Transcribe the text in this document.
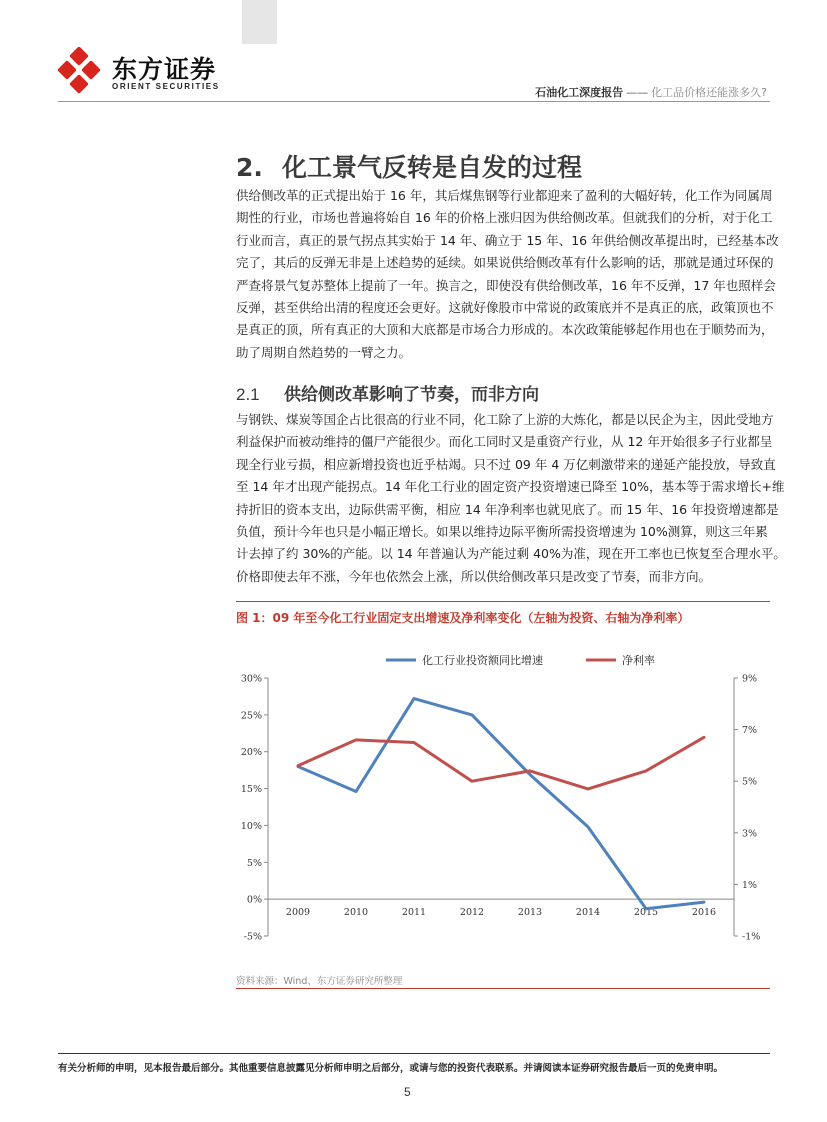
东方证券
ORIENT SECURITIES	石油化工深度报告 —— 化工品价格还能涨多久?
2. 化工景气反转是自发的过程
供给侧改革的正式提出始于 16 年，其后煤焦钢等行业都迎来了盈利的大幅好转，化工作为同属周
期性的行业，市场也普遍将始自 16 年的价格上涨归因为供给侧改革。但就我们的分析，对于化工
行业而言，真正的景气拐点其实始于 14 年、确立于 15 年、16 年供给侧改革提出时，已经基本改
完了，其后的反弹无非是上述趋势的延续。如果说供给侧改革有什么影响的话，那就是通过环保的
严查将景气复苏整体上提前了一年。换言之，即使没有供给侧改革，16 年不反弹，17 年也照样会
反弹，甚至供给出清的程度还会更好。这就好像股市中常说的政策底并不是真正的底，政策顶也不
是真正的顶，所有真正的大顶和大底都是市场合力形成的。本次政策能够起作用也在于顺势而为，
助了周期自然趋势的一臂之力。
2.1 供给侧改革影响了节奏，而非方向
与钢铁、煤炭等国企占比很高的行业不同，化工除了上游的大炼化，都是以民企为主，因此受地方
利益保护而被动维持的僵尸产能很少。而化工同时又是重资产行业，从 12 年开始很多子行业都呈
现全行业亏损，相应新增投资也近乎枯竭。只不过 09 年 4 万亿刺激带来的递延产能投放，导致直
至 14 年才出现产能拐点。14 年化工行业的固定资产投资增速已降至 10%，基本等于需求增长+维
持折旧的资本支出，边际供需平衡，相应 14 年净利率也就见底了。而 15 年、16 年投资增速都是
负值，预计今年也只是小幅正增长。如果以维持边际平衡所需投资增速为 10%测算，则这三年累
计去掉了约 30%的产能。以 14 年普遍认为产能过剩 40%为准，现在开工率也已恢复至合理水平。
价格即使去年不涨，今年也依然会上涨，所以供给侧改革只是改变了节奏，而非方向。
图 1：09 年至今化工行业固定支出增速及净利率变化（左轴为投资、右轴为净利率）
30%
25%
20%
15%
10%
5%
0%
-5%
9%
7%
5%
3%
1%
-1%
2009	2010	2011	2012	2013	2014	2015	2016
化工行业投资额同比增速	净利率
资料来源：Wind、东方证券研究所整理
有关分析师的申明，见本报告最后部分。其他重要信息披露见分析师申明之后部分，或请与您的投资代表联系。并请阅读本证券研究报告最后一页的免责申明。
5
